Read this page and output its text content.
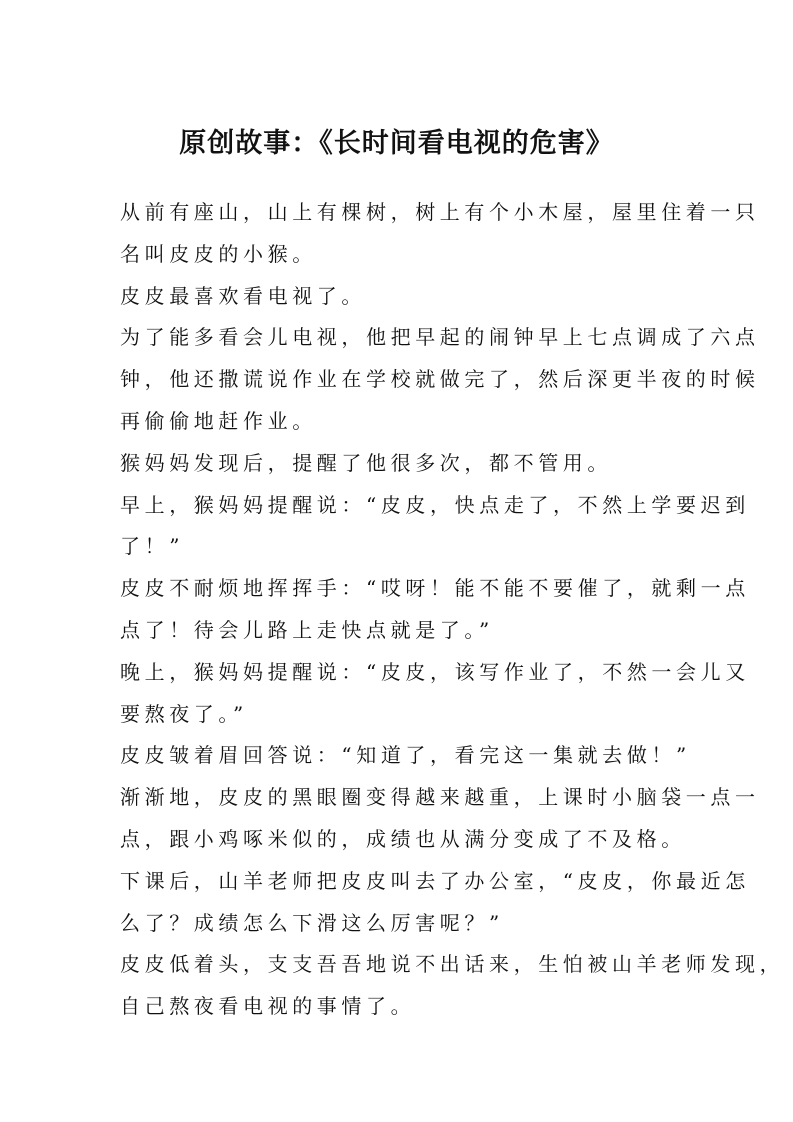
原创故事：《长时间看电视的危害》
从前有座山，山上有棵树，树上有个小木屋，屋里住着一只
名叫皮皮的小猴。
皮皮最喜欢看电视了。
为了能多看会儿电视，他把早起的闹钟早上七点调成了六点
钟，他还撒谎说作业在学校就做完了，然后深更半夜的时候
再偷偷地赶作业。
猴妈妈发现后，提醒了他很多次，都不管用。
早上，猴妈妈提醒说：“皮皮，快点走了，不然上学要迟到
了！”
皮皮不耐烦地挥挥手：“哎呀！能不能不要催了，就剩一点
点了！待会儿路上走快点就是了。”
晚上，猴妈妈提醒说：“皮皮，该写作业了，不然一会儿又
要熬夜了。”
皮皮皱着眉回答说：“知道了，看完这一集就去做！”
渐渐地，皮皮的黑眼圈变得越来越重，上课时小脑袋一点一
点，跟小鸡啄米似的，成绩也从满分变成了不及格。
下课后，山羊老师把皮皮叫去了办公室，“皮皮，你最近怎
么了？成绩怎么下滑这么厉害呢？”
皮皮低着头，支支吾吾地说不出话来，生怕被山羊老师发现，
自己熬夜看电视的事情了。
